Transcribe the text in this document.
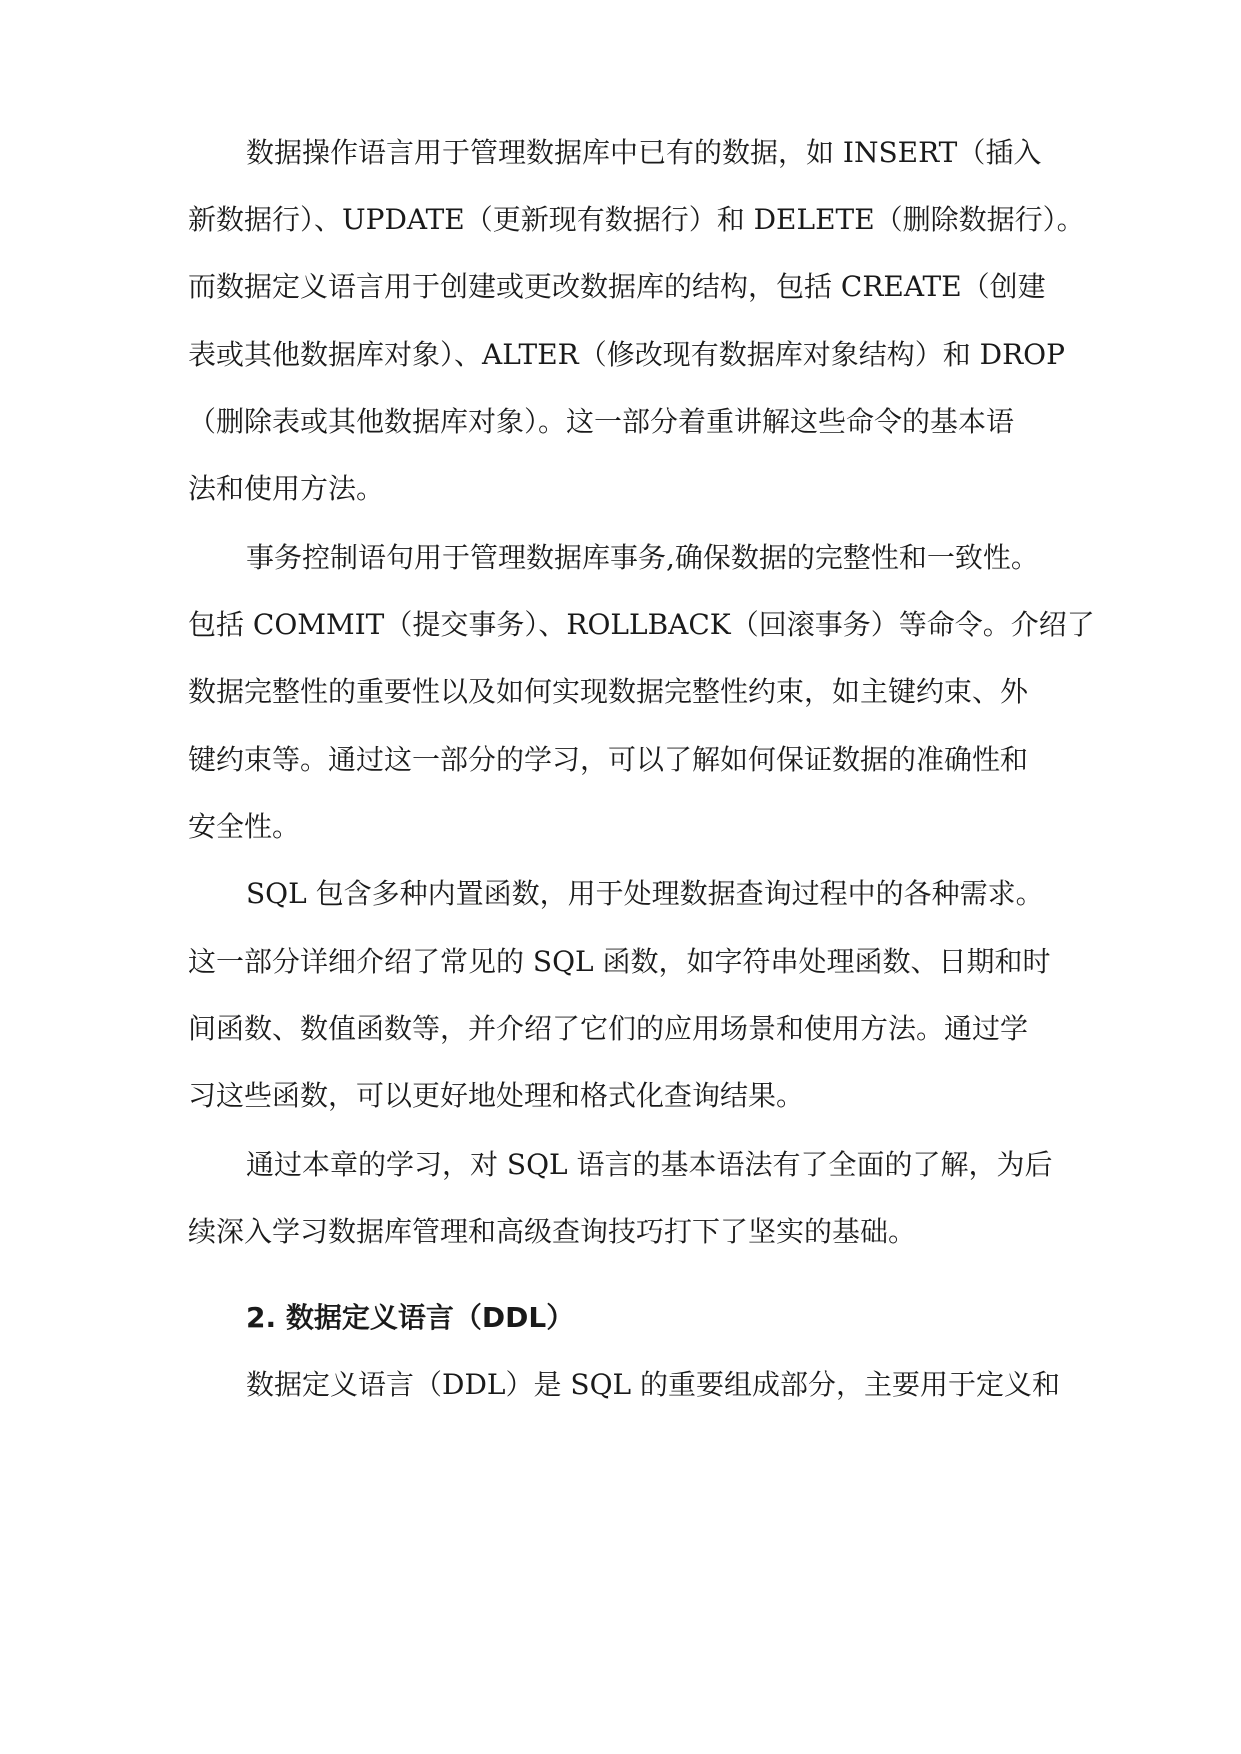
数据操作语言用于管理数据库中已有的数据，如 INSERT（插入
新数据行）、UPDATE（更新现有数据行）和 DELETE（删除数据行）。
而数据定义语言用于创建或更改数据库的结构，包括 CREATE（创建
表或其他数据库对象）、ALTER（修改现有数据库对象结构）和 DROP
（删除表或其他数据库对象）。这一部分着重讲解这些命令的基本语
法和使用方法。
事务控制语句用于管理数据库事务,确保数据的完整性和一致性。
包括 COMMIT（提交事务）、ROLLBACK（回滚事务）等命令。介绍了
数据完整性的重要性以及如何实现数据完整性约束，如主键约束、外
键约束等。通过这一部分的学习，可以了解如何保证数据的准确性和
安全性。
SQL 包含多种内置函数，用于处理数据查询过程中的各种需求。
这一部分详细介绍了常见的 SQL 函数，如字符串处理函数、日期和时
间函数、数值函数等，并介绍了它们的应用场景和使用方法。通过学
习这些函数，可以更好地处理和格式化查询结果。
通过本章的学习，对 SQL 语言的基本语法有了全面的了解，为后
续深入学习数据库管理和高级查询技巧打下了坚实的基础。
2. 数据定义语言（DDL）
数据定义语言（DDL）是 SQL 的重要组成部分，主要用于定义和
